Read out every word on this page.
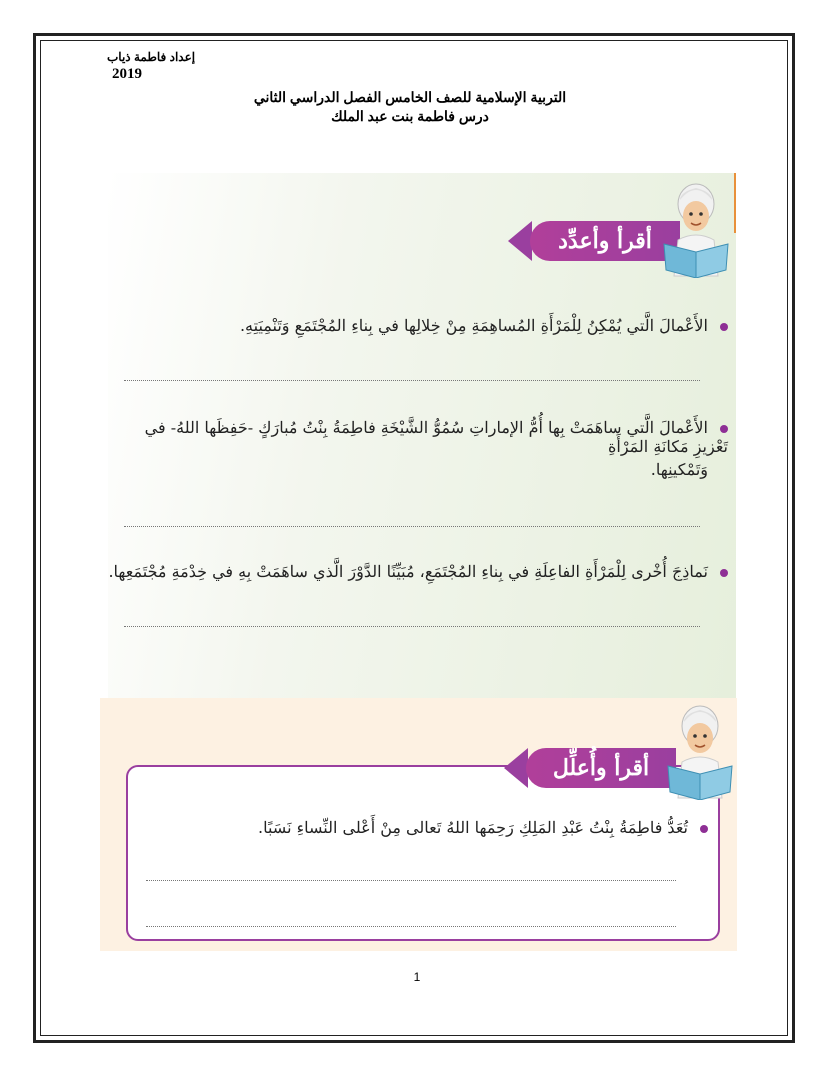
إعداد فاطمة ذياب
2019
التربية الإسلامية للصف الخامس الفصل الدراسي الثاني
درس فاطمة بنت عبد الملك
أقرأ وأعدِّد
الأَعْمالَ الَّتي يُمْكِنُ لِلْمَرْأَةِ المُساهِمَةِ مِنْ خِلالِها في بِناءِ المُجْتَمَعِ وَتَنْمِيَتِهِ.
الأَعْمالَ الَّتي ساهَمَتْ بِها أُمُّ الإماراتِ سُمُوُّ الشَّيْخَةِ فاطِمَةُ بِنْتُ مُبارَكٍ -حَفِظَها اللهُ- في تَعْزيزِ مَكانَةِ المَرْأَةِ
وَتَمْكينِها.
نَماذِجَ أُخْرى لِلْمَرْأَةِ الفاعِلَةِ في بِناءِ المُجْتَمَعِ، مُبَيِّنًا الدَّوْرَ الَّذي ساهَمَتْ بِهِ في خِدْمَةِ مُجْتَمَعِها.
أقرأ وأُعلِّل
تُعَدُّ فاطِمَةُ بِنْتُ عَبْدِ المَلِكِ رَحِمَها اللهُ تَعالى مِنْ أَعْلى النِّساءِ نَسَبًا.
1
